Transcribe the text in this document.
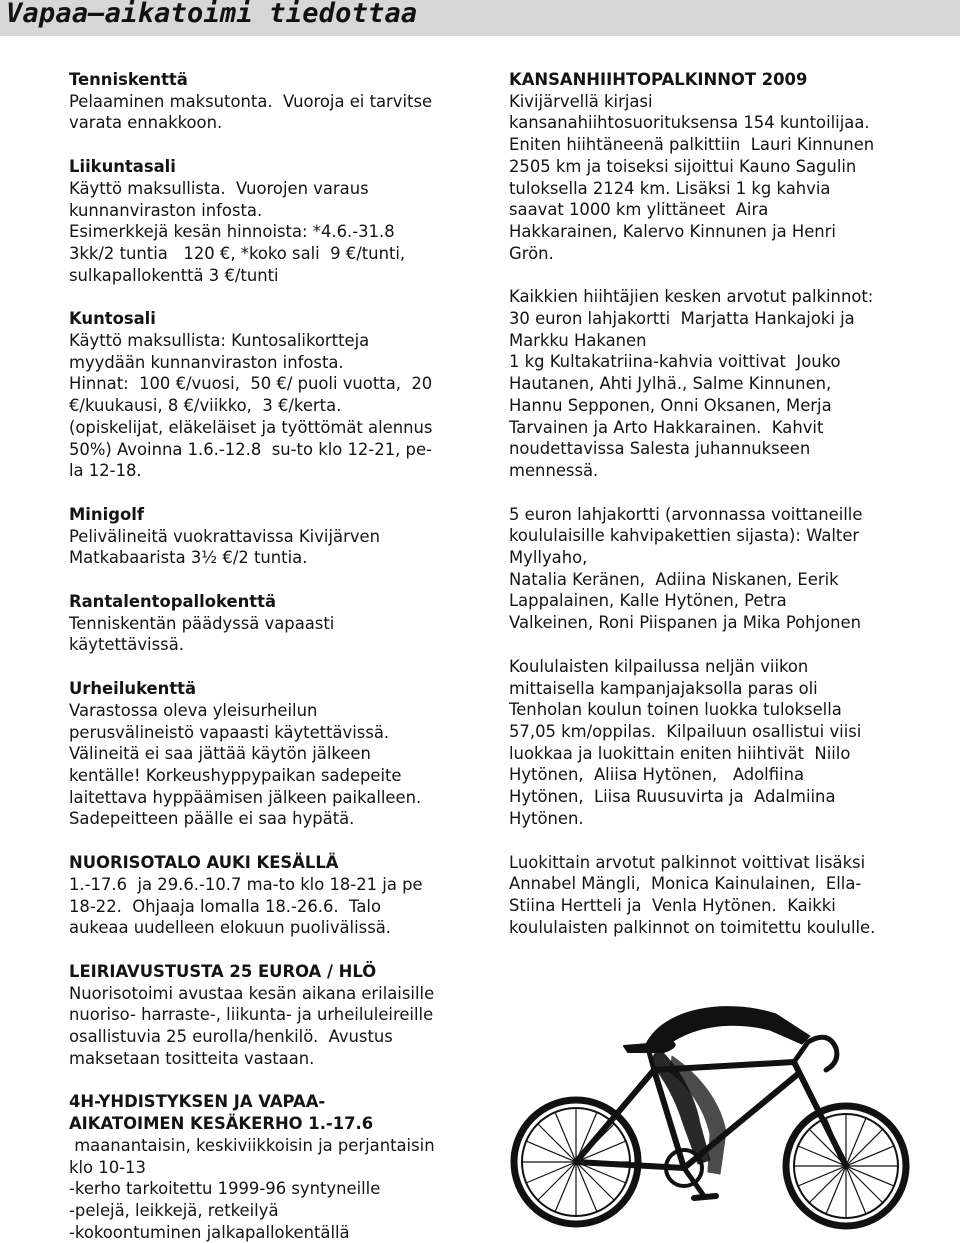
Vapaa–aikatoimi tiedottaa
Tenniskenttä

Pelaaminen maksutonta.  Vuoroja ei tarvitse
varata ennakkoon.

Liikuntasali

Käyttö maksullista.  Vuorojen varaus
kunnanviraston infosta.
Esimerkkejä kesän hinnoista: *4.6.-31.8
3kk/2 tuntia   120 €, *koko sali  9 €/tunti,
sulkapallokenttä 3 €/tunti

Kuntosali

Käyttö maksullista: Kuntosalikortteja
myydään kunnanviraston infosta.
Hinnat:  100 €/vuosi,  50 €/ puoli vuotta,  20
€/kuukausi, 8 €/viikko,  3 €/kerta.
(opiskelijat, eläkeläiset ja työttömät alennus
50%) Avoinna 1.6.-12.8  su-to klo 12-21, pe-
la 12-18.

Minigolf

Pelivälineitä vuokrattavissa Kivijärven
Matkabaarista 3½ €/2 tuntia.

Rantalentopallokenttä

Tenniskentän päädyssä vapaasti
käytettävissä.

Urheilukenttä

Varastossa oleva yleisurheilun
perusvälineistö vapaasti käytettävissä.
Välineitä ei saa jättää käytön jälkeen
kentälle! Korkeushyppypaikan sadepeite
laitettava hyppäämisen jälkeen paikalleen.
Sadepeitteen päälle ei saa hypätä.

NUORISOTALO AUKI KESÄLLÄ

1.-17.6  ja 29.6.-10.7 ma-to klo 18-21 ja pe
18-22.  Ohjaaja lomalla 18.-26.6.  Talo
aukeaa uudelleen elokuun puolivälissä.

LEIRIAVUSTUSTA 25 EUROA / HLÖ

Nuorisotoimi avustaa kesän aikana erilaisille
nuoriso- harraste-, liikunta- ja urheiluleireille
osallistuvia 25 eurolla/henkilö.  Avustus
maksetaan tositteita vastaan.

4H-YHDISTYKSEN JA VAPAA-
AIKATOIMEN KESÄKERHO 1.-17.6

maanantaisin, keskiviikkoisin ja perjantaisin
klo 10-13
-kerho tarkoitettu 1999-96 syntyneille
-pelejä, leikkejä, retkeilyä
-kokoontuminen jalkapallokentällä

KANSANHIIHTOPALKINNOT 2009

Kivijärvellä kirjasi
kansanahiihtosuorituksensa 154 kuntoilijaa.
Eniten hiihtäneenä palkittiin  Lauri Kinnunen
2505 km ja toiseksi sijoittui Kauno Sagulin
tuloksella 2124 km. Lisäksi 1 kg kahvia
saavat 1000 km ylittäneet  Aira
Hakkarainen, Kalervo Kinnunen ja Henri
Grön.

Kaikkien hiihtäjien kesken arvotut palkinnot:
30 euron lahjakortti  Marjatta Hankajoki ja
Markku Hakanen
1 kg Kultakatriina-kahvia voittivat  Jouko
Hautanen, Ahti Jylhä., Salme Kinnunen,
Hannu Sepponen, Onni Oksanen, Merja
Tarvainen ja Arto Hakkarainen.  Kahvit
noudettavissa Salesta juhannukseen
mennessä.

5 euron lahjakortti (arvonnassa voittaneille
koululaisille kahvipakettien sijasta): Walter
Myllyaho,
Natalia Keränen,  Adiina Niskanen, Eerik
Lappalainen, Kalle Hytönen, Petra
Valkeinen, Roni Piispanen ja Mika Pohjonen

Koululaisten kilpailussa neljän viikon
mittaisella kampanjajaksolla paras oli
Tenholan koulun toinen luokka tuloksella
57,05 km/oppilas.  Kilpailuun osallistui viisi
luokkaa ja luokittain eniten hiihtivät  Niilo
Hytönen,  Aliisa Hytönen,   Adolfiina
Hytönen,  Liisa Ruusuvirta ja  Adalmiina
Hytönen.

Luokittain arvotut palkinnot voittivat lisäksi
Annabel Mängli,  Monica Kainulainen,  Ella-
Stiina Hertteli ja  Venla Hytönen.  Kaikki
koululaisten palkinnot on toimitettu koululle.
